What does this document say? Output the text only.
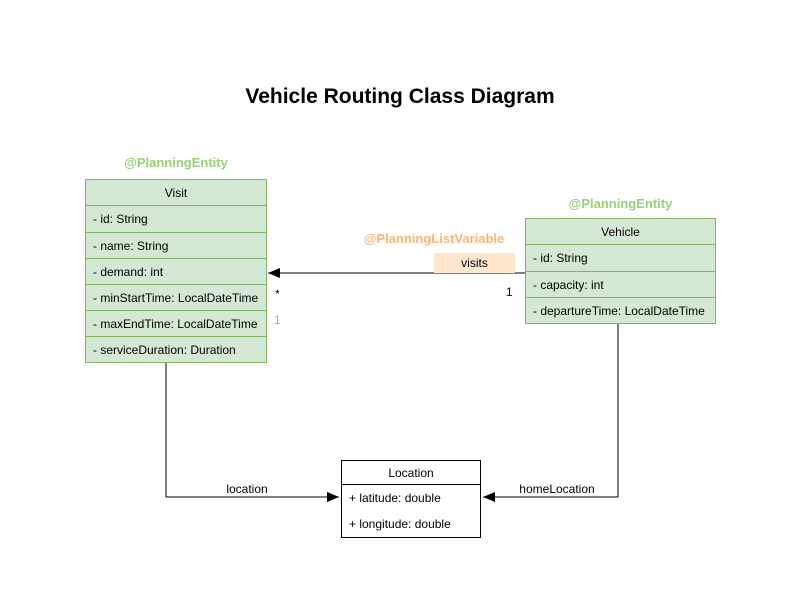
Vehicle Routing Class Diagram
@PlanningEntity
Visit
- id: String
- name: String
- demand: int
- minStartTime: LocalDateTime
- maxEndTime: LocalDateTime
- serviceDuration: Duration
@PlanningEntity
Vehicle
- id: String
- capacity: int
- departureTime: LocalDateTime
Location
+ latitude: double
+ longitude: double
@PlanningListVariable
visits
*	1
1
location	homeLocation
